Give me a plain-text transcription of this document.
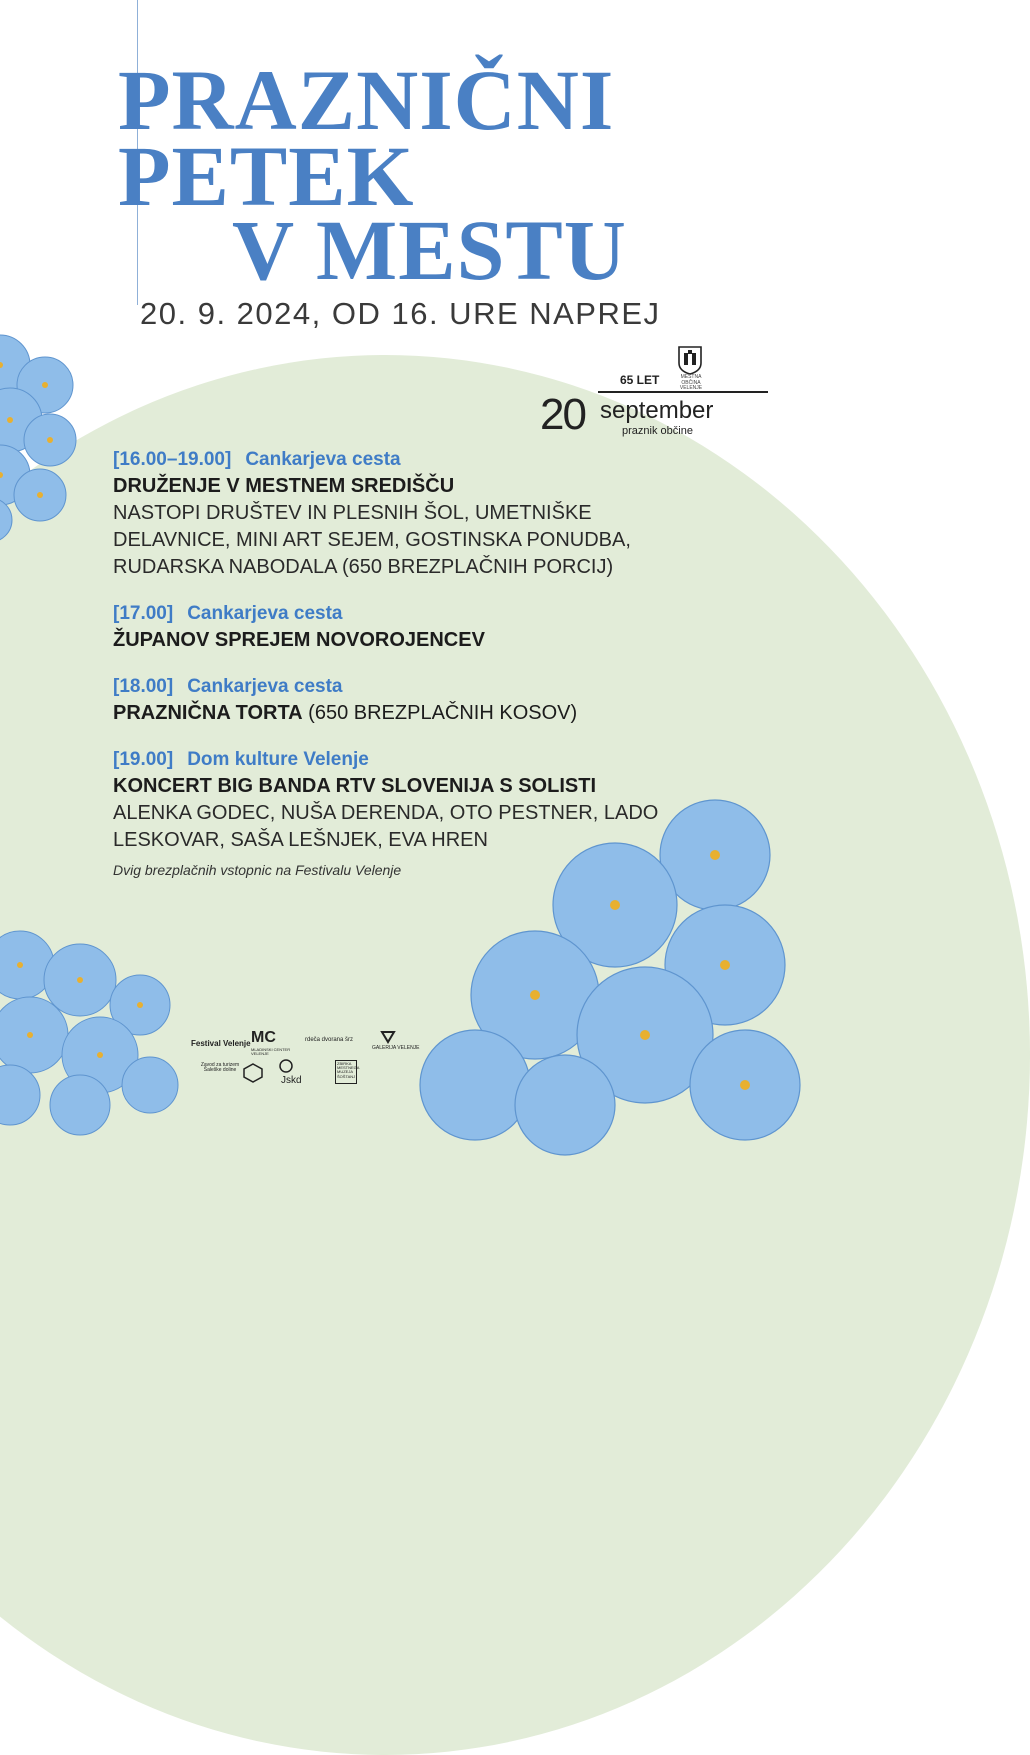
PRAZNIČNI
PETEK
V MESTU
20. 9. 2024, OD 16. URE NAPREJ
65 LET	MESTNA OBČINA VELENJE
20 september
praznik občine
[16.00–19.00] Cankarjeva cesta
DRUŽENJE V MESTNEM SREDIŠČU
NASTOPI DRUŠTEV IN PLESNIH ŠOL, UMETNIŠKE DELAVNICE, MINI ART SEJEM, GOSTINSKA PONUDBA, RUDARSKA NABODALA (650 BREZPLAČNIH PORCIJ)
[17.00] Cankarjeva cesta
ŽUPANOV SPREJEM NOVOROJENCEV
[18.00] Cankarjeva cesta
PRAZNIČNA TORTA (650 BREZPLAČNIH KOSOV)
[19.00] Dom kulture Velenje
KONCERT BIG BANDA RTV SLOVENIJA S SOLISTI
ALENKA GODEC, NUŠA DERENDA, OTO PESTNER, LADO LESKOVAR, SAŠA LEŠNJEK, EVA HREN
Dvig brezplačnih vstopnic na Festivalu Velenje
Festival Velenje MC
MLADINSKI CENTER VELENJE
rdeča dvorana šrz
GALERIJA VELENJE
Zavod za turizem Šaleške doline
Jskd
ZBIRKA MESTNEGA MUZEJA ŠOŠTANJ
